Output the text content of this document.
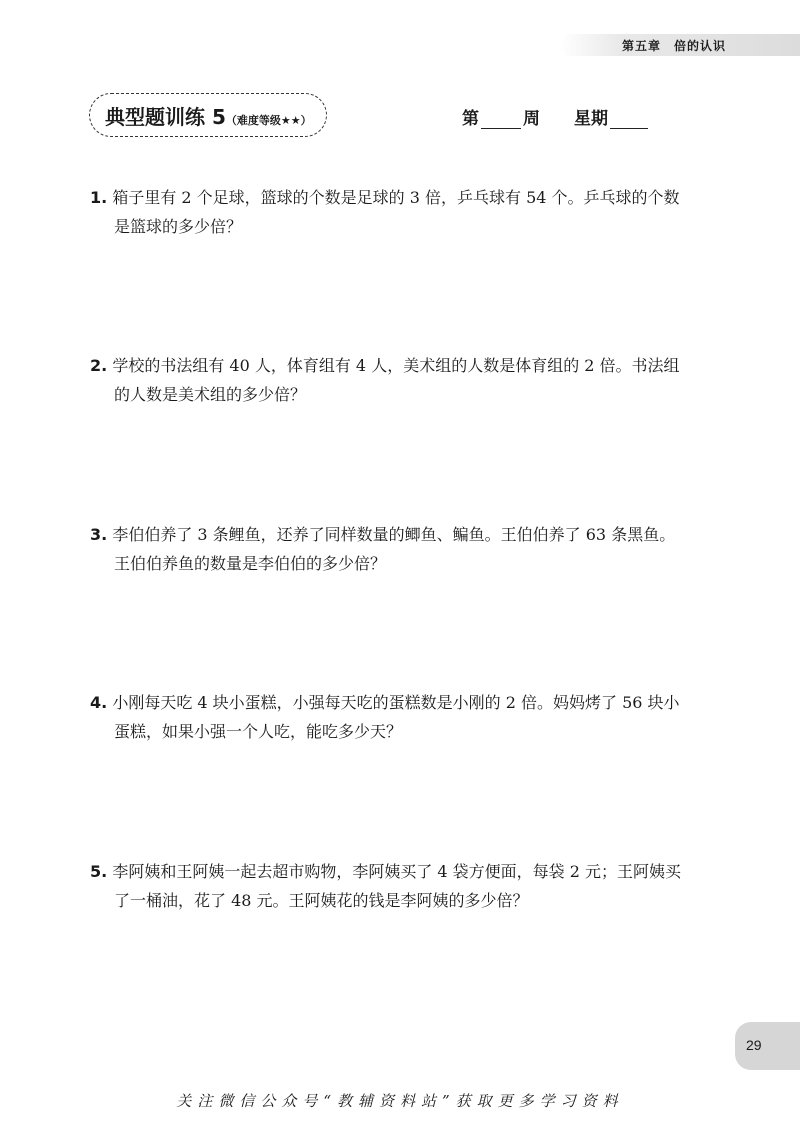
第五章　倍的认识
典型题训练 5（难度等级★★）	第	周 星期

1. 箱子里有 2 个足球，篮球的个数是足球的 3 倍，乒乓球有 54 个。乒乓球的个数

是篮球的多少倍？

2. 学校的书法组有 40 人，体育组有 4 人，美术组的人数是体育组的 2 倍。书法组

的人数是美术组的多少倍？

3. 李伯伯养了 3 条鲤鱼，还养了同样数量的鲫鱼、鳊鱼。王伯伯养了 63 条黑鱼。

王伯伯养鱼的数量是李伯伯的多少倍？

4. 小刚每天吃 4 块小蛋糕，小强每天吃的蛋糕数是小刚的 2 倍。妈妈烤了 56 块小

蛋糕，如果小强一个人吃，能吃多少天？

5. 李阿姨和王阿姨一起去超市购物，李阿姨买了 4 袋方便面，每袋 2 元；王阿姨买

了一桶油，花了 48 元。王阿姨花的钱是李阿姨的多少倍？

29
关注微信公众号“教辅资料站”获取更多学习资料
